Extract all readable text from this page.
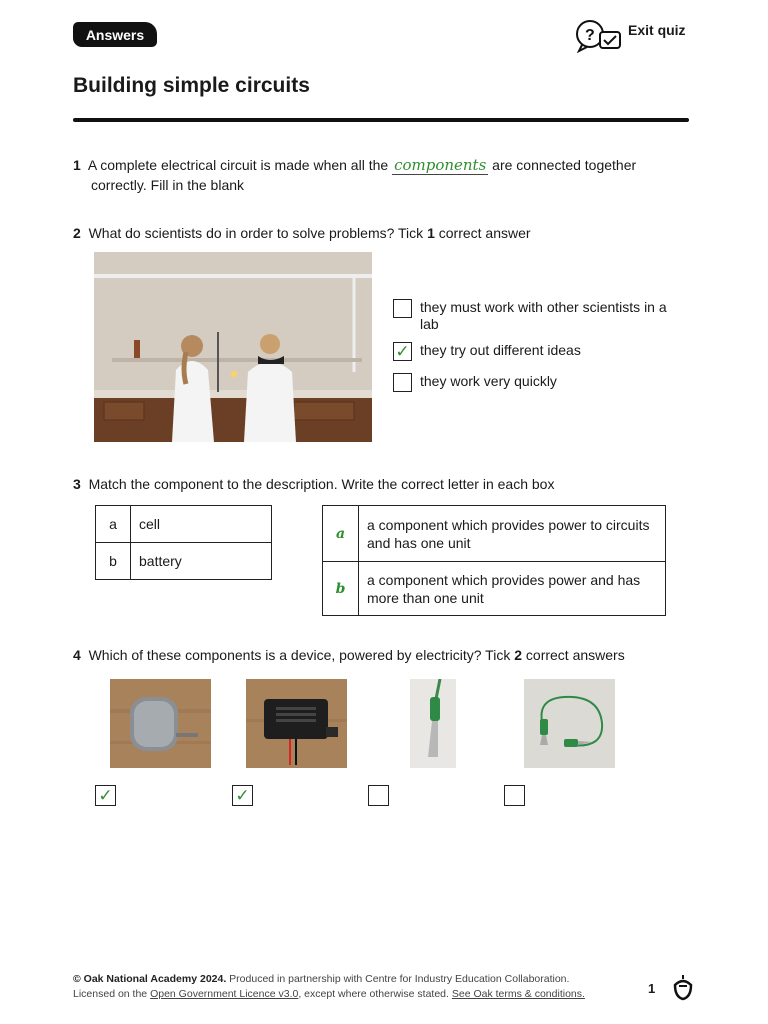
Answers	? Exit quiz
Building simple circuits
1 A complete electrical circuit is made when all the components are connected together
correctly. Fill in the blank
2 What do scientists do in order to solve problems? Tick 1 correct answer
they must work with other scientists in a lab
✓ they try out different ideas
they work very quickly
3 Match the component to the description. Write the correct letter in each box
a	cell
b	battery
a	a component which provides power to circuits and has one unit
b	a component which provides power and has more than one unit
4 Which of these components is a device, powered by electricity? Tick 2 correct answers
✓	✓
© Oak National Academy 2024. Produced in partnership with Centre for Industry Education Collaboration.
Licensed on the Open Government Licence v3.0, except where otherwise stated. See Oak terms & conditions.	1
